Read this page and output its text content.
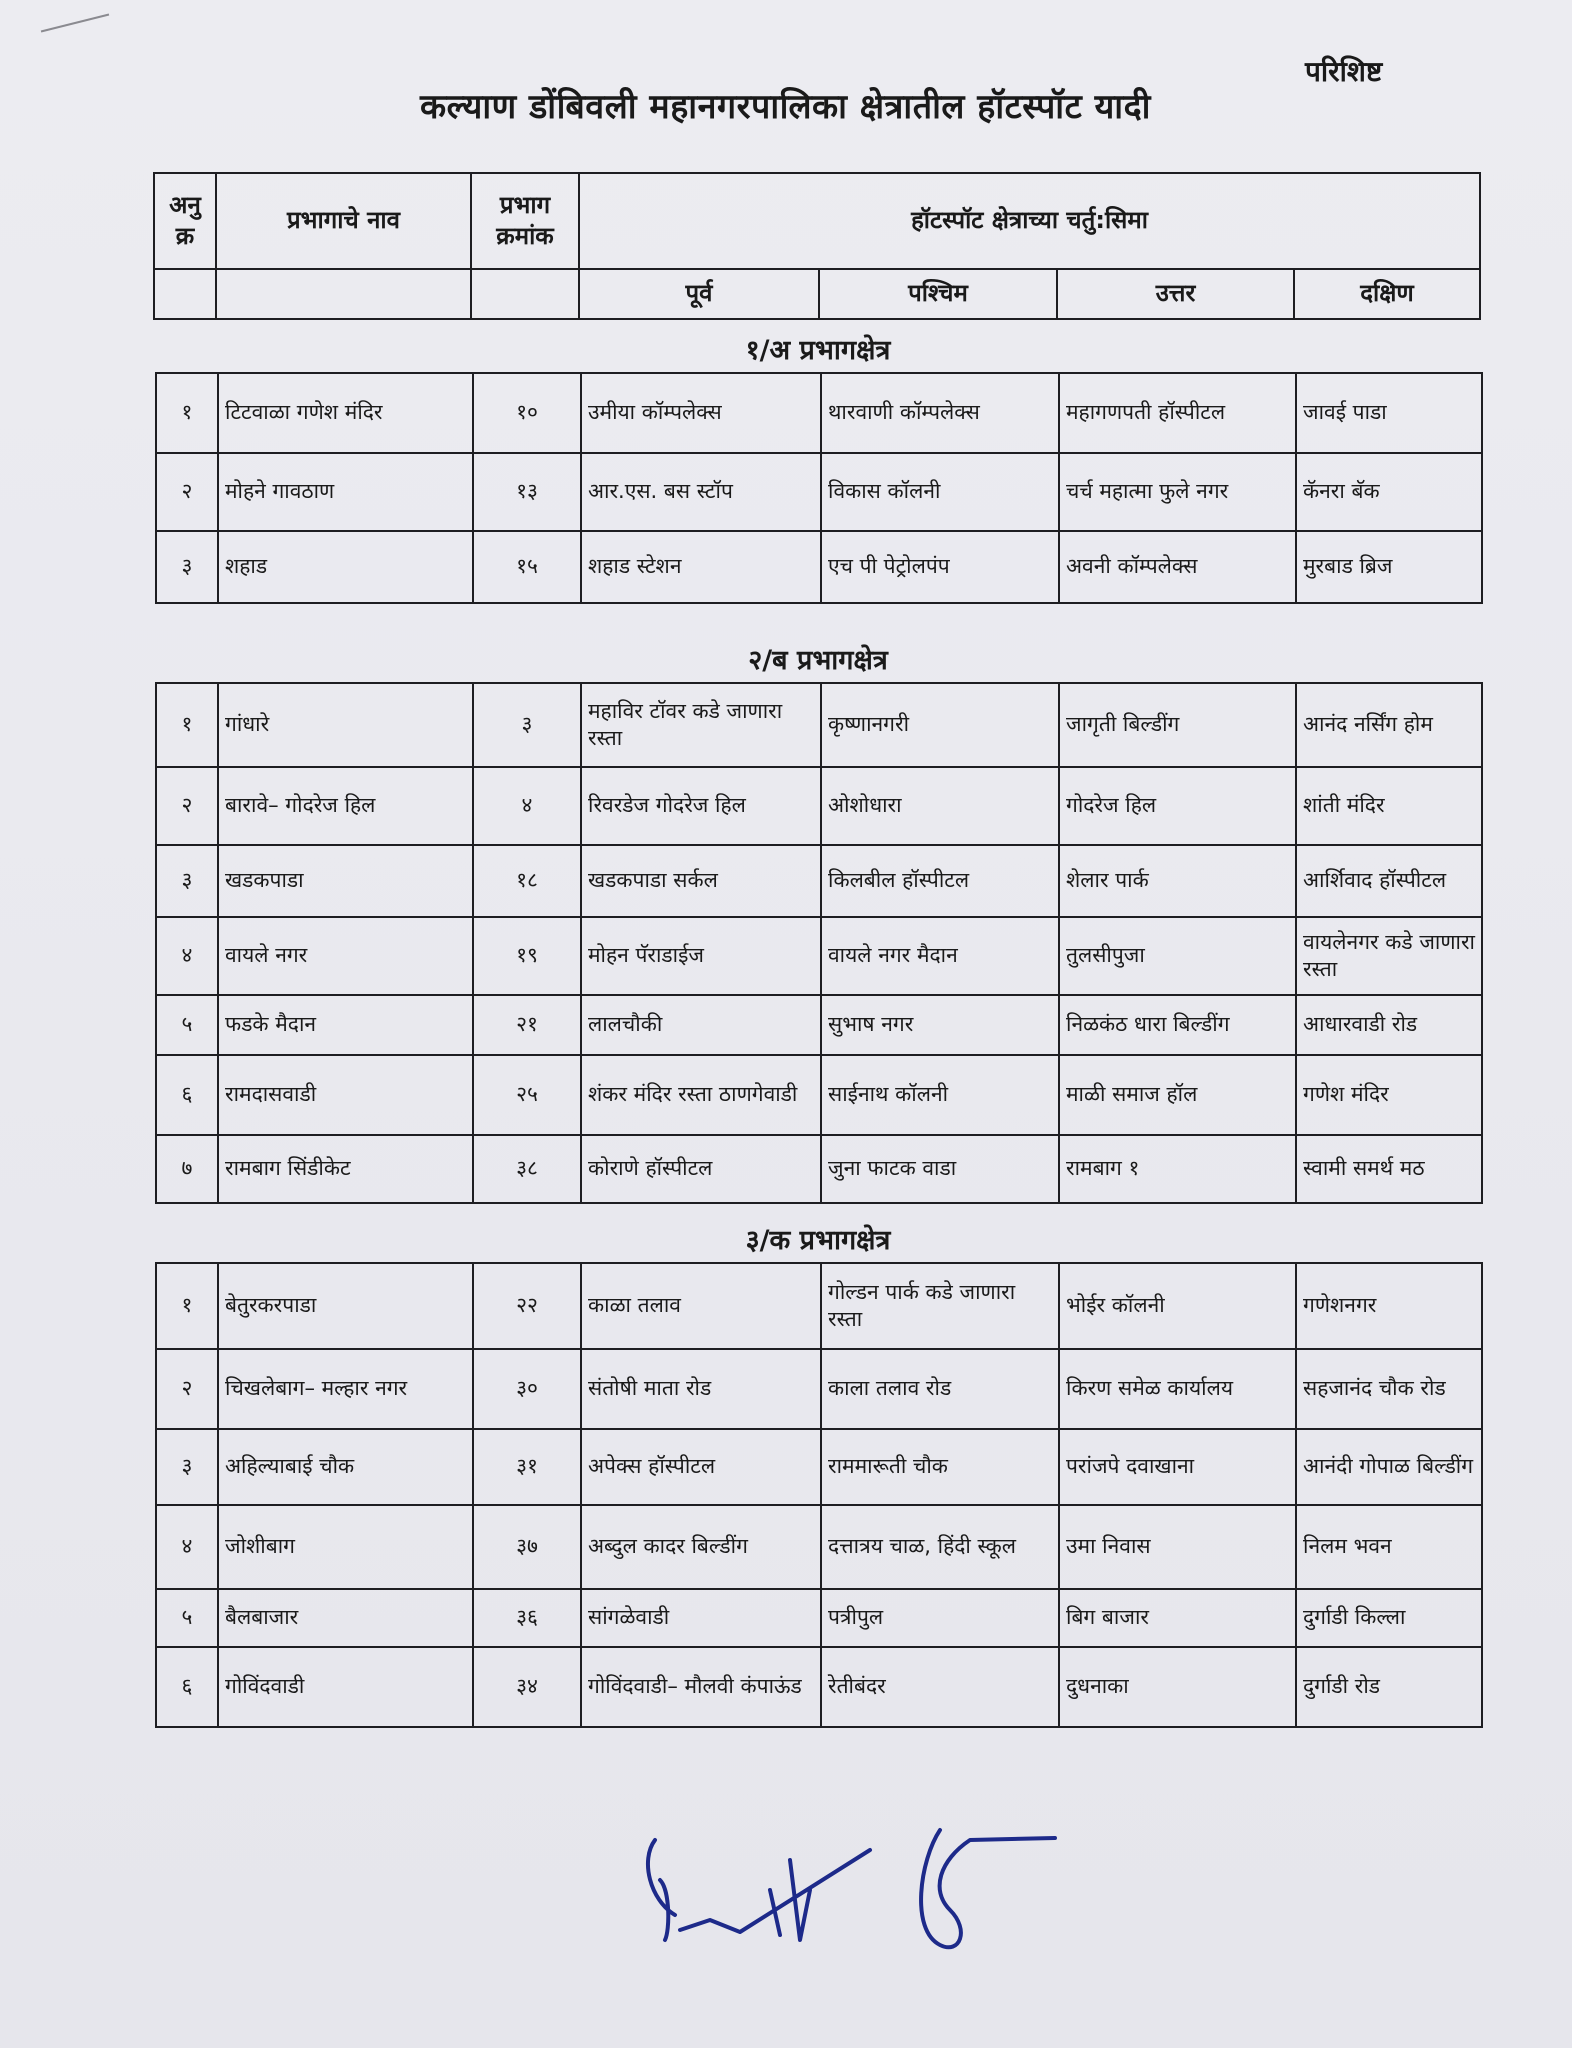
परिशिष्ट
कल्याण डोंबिवली महानगरपालिका क्षेत्रातील हॉटस्पॉट यादी
अनु क्र	प्रभागाचे नाव	प्रभाग क्रमांक	हॉटस्पॉट क्षेत्राच्या चर्तु:सिमा			
			पूर्व	पश्चिम	उत्तर	दक्षिण
१/अ प्रभागक्षेत्र
१	टिटवाळा गणेश मंदिर	१०	उमीया कॉम्पलेक्स	थारवाणी कॉम्पलेक्स	महागणपती हॉस्पीटल	जावई पाडा
२	मोहने गावठाण	१३	आर.एस. बस स्टॉप	विकास कॉलनी	चर्च महात्मा फुले नगर	कॅनरा बॅक
३	शहाड	१५	शहाड स्टेशन	एच पी पेट्रोलपंप	अवनी कॉम्पलेक्स	मुरबाड ब्रिज
२/ब प्रभागक्षेत्र
१	गांधारे	३	महाविर टॉवर कडे जाणारा रस्ता	कृष्णानगरी	जागृती बिल्डींग	आनंद नर्सिंग होम
२	बारावे– गोदरेज हिल	४	रिवरडेज गोदरेज हिल	ओशोधारा	गोदरेज हिल	शांती मंदिर
३	खडकपाडा	१८	खडकपाडा सर्कल	किलबील हॉस्पीटल	शेलार पार्क	आर्शिवाद हॉस्पीटल
४	वायले नगर	१९	मोहन पॅराडाईज	वायले नगर मैदान	तुलसीपुजा	वायलेनगर कडे जाणारा रस्ता
५	फडके मैदान	२१	लालचौकी	सुभाष नगर	निळकंठ धारा बिल्डींग	आधारवाडी रोड
६	रामदासवाडी	२५	शंकर मंदिर रस्ता ठाणगेवाडी	साईनाथ कॉलनी	माळी समाज हॉल	गणेश मंदिर
७	रामबाग सिंडीकेट	३८	कोराणे हॉस्पीटल	जुना फाटक वाडा	रामबाग १	स्वामी समर्थ मठ
३/क प्रभागक्षेत्र
१	बेतुरकरपाडा	२२	काळा तलाव	गोल्डन पार्क कडे जाणारा रस्ता	भोईर कॉलनी	गणेशनगर
२	चिखलेबाग– मल्हार नगर	३०	संतोषी माता रोड	काला तलाव रोड	किरण समेळ कार्यालय	सहजानंद चौक रोड
३	अहिल्याबाई चौक	३१	अपेक्स हॉस्पीटल	राममारूती चौक	परांजपे दवाखाना	आनंदी गोपाळ बिल्डींग
४	जोशीबाग	३७	अब्दुल कादर बिल्डींग	दत्तात्रय चाळ, हिंदी स्कूल	उमा निवास	निलम भवन
५	बैलबाजार	३६	सांगळेवाडी	पत्रीपुल	बिग बाजार	दुर्गाडी किल्ला
६	गोविंदवाडी	३४	गोविंदवाडी– मौलवी कंपाऊंड	रेतीबंदर	दुधनाका	दुर्गाडी रोड
